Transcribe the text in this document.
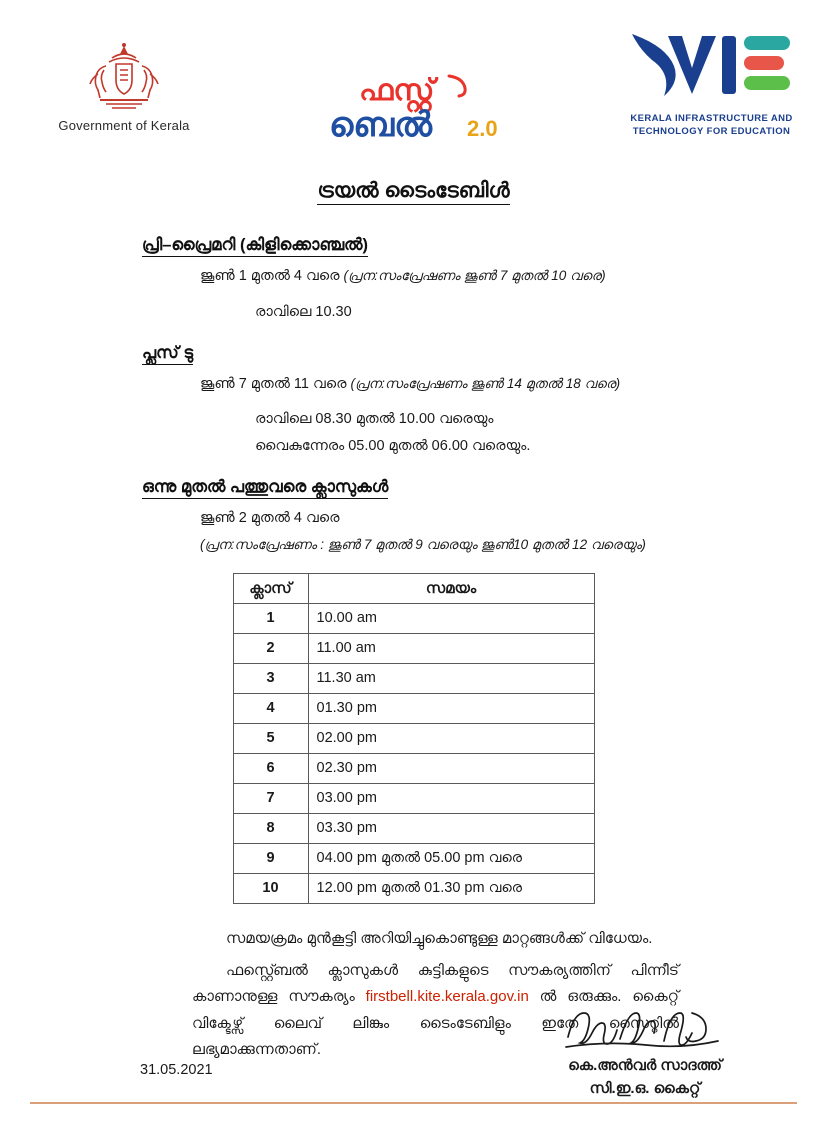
Government of Kerala
ഫസ്റ്റ്
ബെല്‍ 2.0	KERALA INFRASTRUCTURE AND TECHNOLOGY FOR EDUCATION
ട്രയല്‍ ടൈംടേബിള്‍
പ്രി–പ്രൈമറി (കിളിക്കൊഞ്ചല്‍)
ജൂണ്‍ 1 മുതല്‍ 4 വരെ (പ്രന:സംപ്രേഷണം ജൂണ്‍ 7 മുതല്‍ 10 വരെ)
രാവിലെ 10.30
പ്ലസ് ടു
ജൂണ്‍ 7 മുതല്‍ 11 വരെ (പ്രന:സംപ്രേഷണം ജൂണ്‍ 14 മുതല്‍ 18 വരെ)
രാവിലെ 08.30 മുതല്‍ 10.00 വരെയും
വൈകുന്നേരം 05.00 മുതല്‍ 06.00 വരെയും.
ഒന്നു മുതല്‍ പത്തുവരെ ക്ലാസുകള്‍
ജൂണ്‍ 2 മുതല്‍ 4 വരെ
(പ്രന:സംപ്രേഷണം : ജൂണ്‍ 7 മുതല്‍ 9 വരെയും ജൂണ്‍10 മുതല്‍ 12 വരെയും)
ക്ലാസ്	സമയം
1	10.00 am
2	11.00 am
3	11.30 am
4	01.30 pm
5	02.00 pm
6	02.30 pm
7	03.00 pm
8	03.30 pm
9	04.00 pm മുതല്‍ 05.00 pm വരെ
10	12.00 pm മുതല്‍ 01.30 pm വരെ

സമയക്രമം മുന്‍കൂട്ടി അറിയിച്ചുകൊണ്ടുള്ള മാറ്റങ്ങള്‍ക്ക് വിധേയം.

ഫസ്റ്റ്ബെല്‍ ക്ലാസുകള്‍ കുട്ടികളുടെ സൗകര്യത്തിന് പിന്നീട് കാണാനുള്ള സൗകര്യം firstbell.kite.kerala.gov.in ല്‍ ഒരുക്കും. കൈറ്റ് വിക്ടേഴ്സ് ലൈവ് ലിങ്കും ടൈംടേബിളും ഇതേ സൈറ്റില്‍ ലഭ്യമാക്കുന്നതാണ്.

31.05.2021	കെ.അന്‍വര്‍ സാദത്ത്
സി.ഇ.ഒ. കൈറ്റ്
